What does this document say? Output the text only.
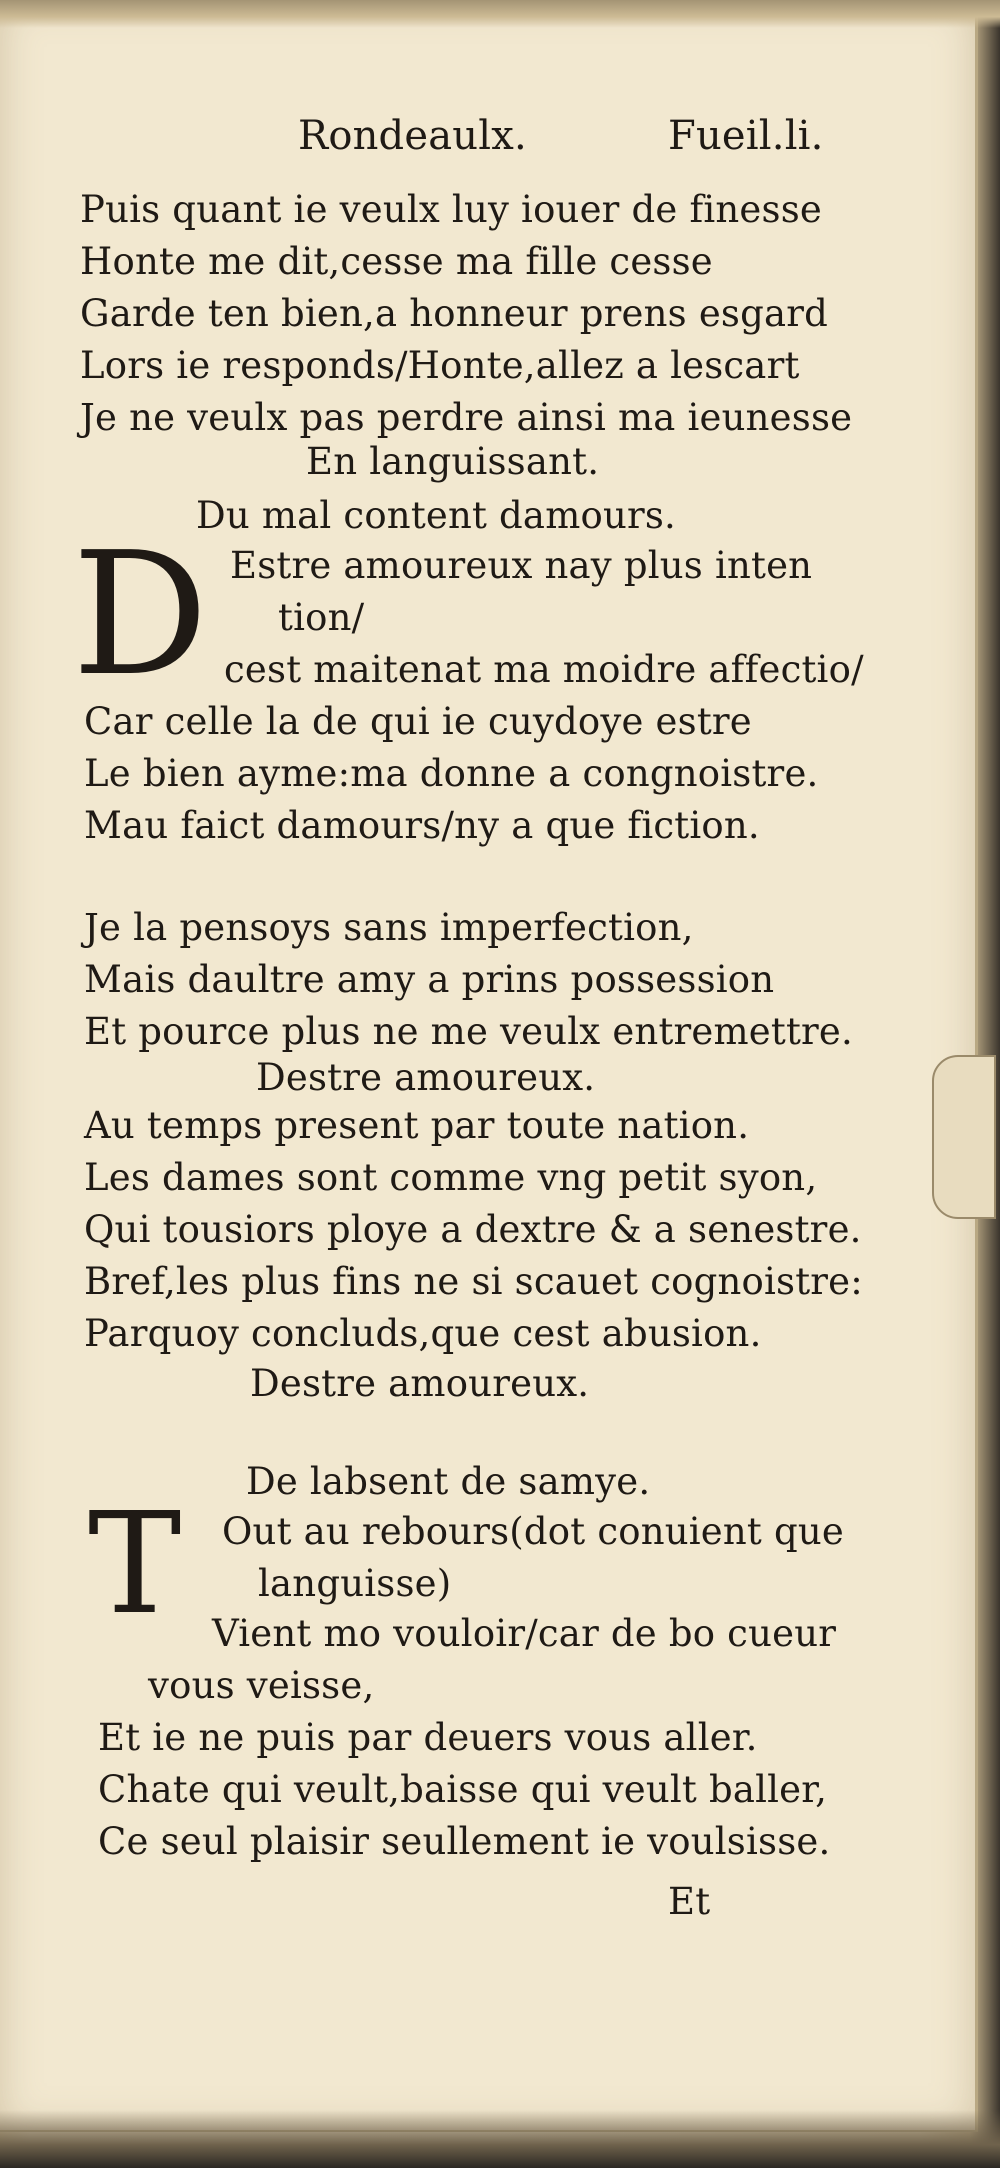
Rondeaulx.	Fueil.li.

Puis quant ie veulx luy iouer de finesse

Honte me dit,cesse ma fille cesse

Garde ten bien,a honneur prens esgard

Lors ie responds/Honte,allez a lescart

Je ne veulx pas perdre ainsi ma ieunesse

En languissant.

Du mal content damours.

D Estre amoureux nay plus inten

tion/

cest maitenat ma moidre affectio/

Car celle la de qui ie cuydoye estre

Le bien ayme:ma donne a congnoistre.

Mau faict damours/ny a que fiction.

Je la pensoys sans imperfection,

Mais daultre amy a prins possession

Et pource plus ne me veulx entremettre.

Destre amoureux.

Au temps present par toute nation.

Les dames sont comme vng petit syon,

Qui tousiors ploye a dextre & a senestre.

Bref,les plus fins ne si scauet cognoistre:

Parquoy concluds,que cest abusion.

Destre amoureux.

De labsent de samye.

T Out au rebours(dot conuient que

languisse)

Vient mo vouloir/car de bo cueur

vous veisse,

Et ie ne puis par deuers vous aller.

Chate qui veult,baisse qui veult baller,

Ce seul plaisir seullement ie voulsisse.

Et
